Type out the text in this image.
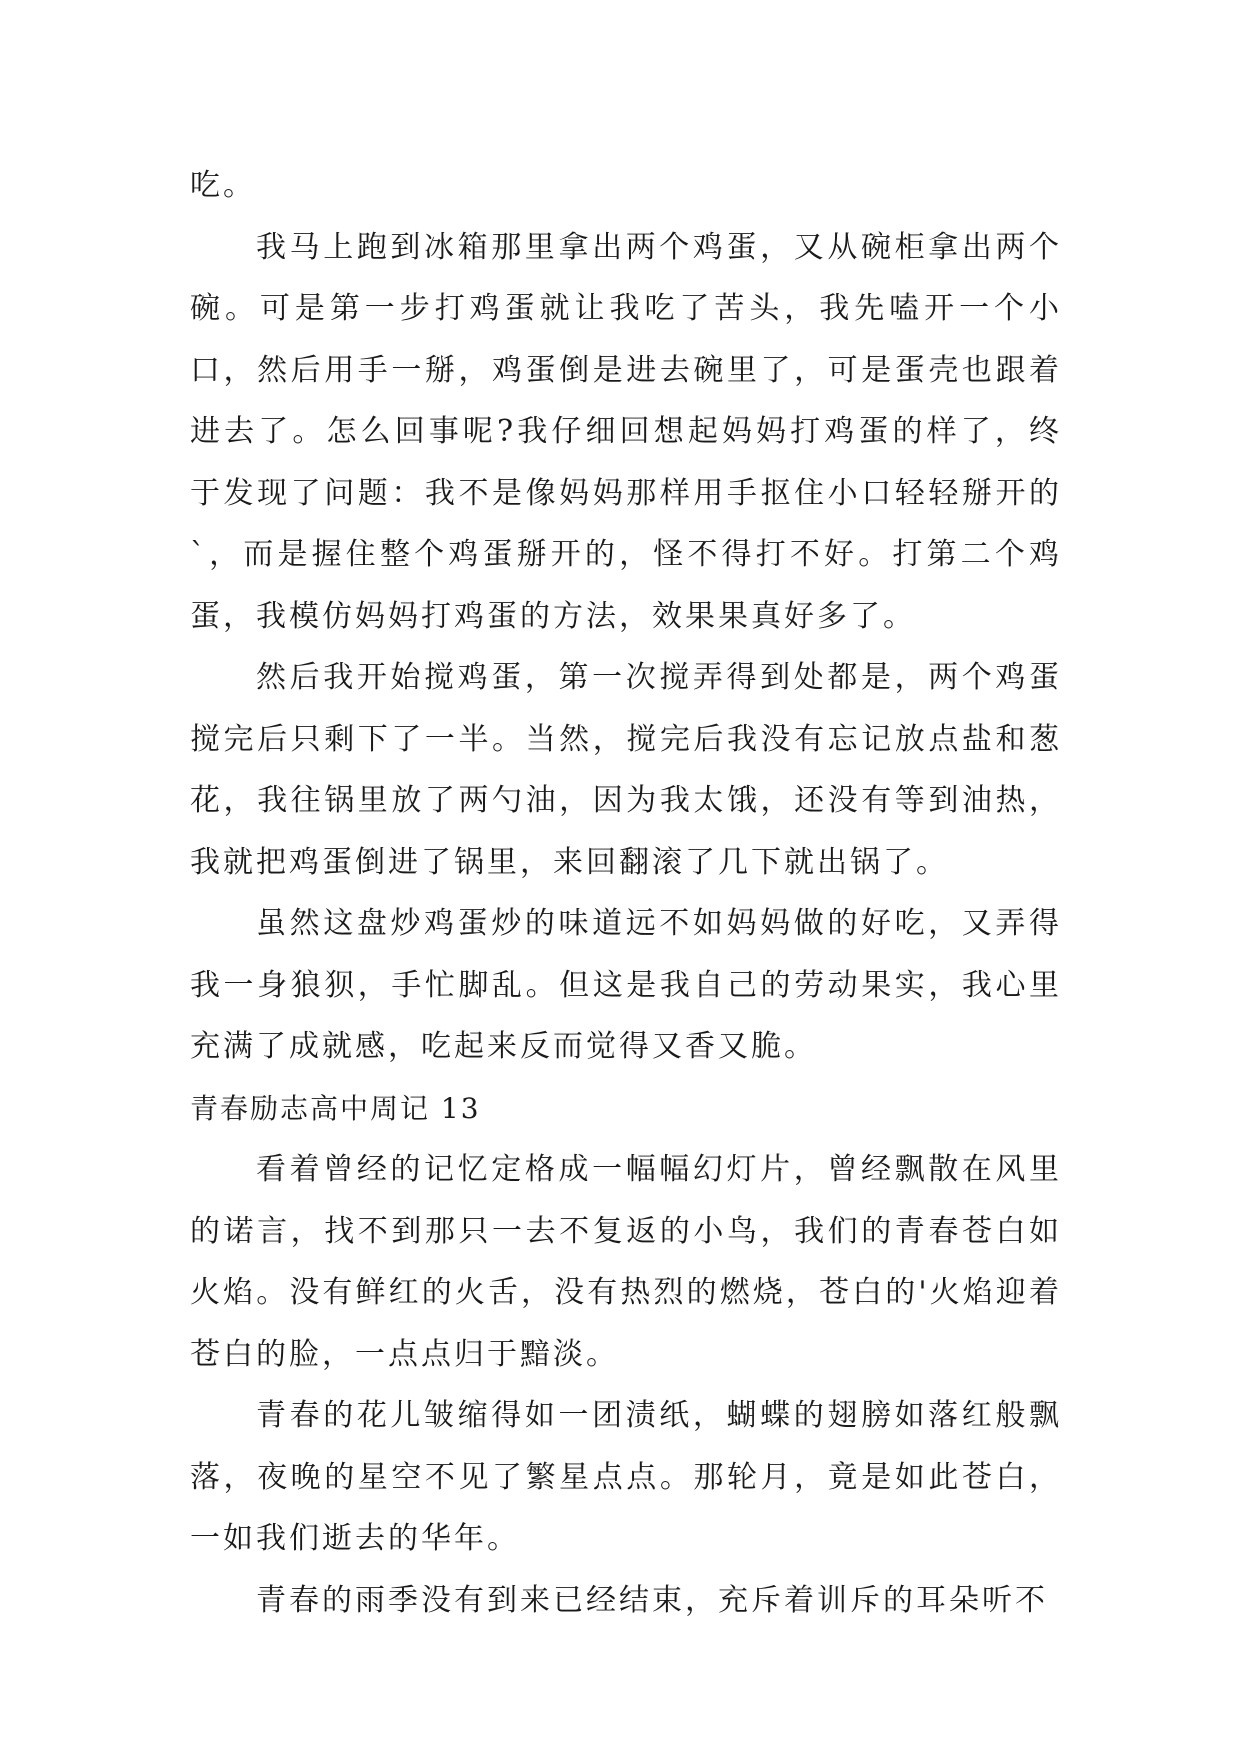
吃。

我马上跑到冰箱那里拿出两个鸡蛋，又从碗柜拿出两个碗。可是第一步打鸡蛋就让我吃了苦头，我先嗑开一个小口，然后用手一掰，鸡蛋倒是进去碗里了，可是蛋壳也跟着进去了。怎么回事呢?我仔细回想起妈妈打鸡蛋的样了，终于发现了问题：我不是像妈妈那样用手抠住小口轻轻掰开的`，而是握住整个鸡蛋掰开的，怪不得打不好。打第二个鸡蛋，我模仿妈妈打鸡蛋的方法，效果果真好多了。

然后我开始搅鸡蛋，第一次搅弄得到处都是，两个鸡蛋搅完后只剩下了一半。当然，搅完后我没有忘记放点盐和葱花，我往锅里放了两勺油，因为我太饿，还没有等到油热，我就把鸡蛋倒进了锅里，来回翻滚了几下就出锅了。

虽然这盘炒鸡蛋炒的味道远不如妈妈做的好吃，又弄得我一身狼狈，手忙脚乱。但这是我自己的劳动果实，我心里充满了成就感，吃起来反而觉得又香又脆。

青春励志高中周记 13

看着曾经的记忆定格成一幅幅幻灯片，曾经飘散在风里的诺言，找不到那只一去不复返的小鸟，我们的青春苍白如火焰。没有鲜红的火舌，没有热烈的燃烧，苍白的'火焰迎着苍白的脸，一点点归于黯淡。

青春的花儿皱缩得如一团渍纸，蝴蝶的翅膀如落红般飘落，夜晚的星空不见了繁星点点。那轮月，竟是如此苍白，一如我们逝去的华年。

青春的雨季没有到来已经结束，充斥着训斥的耳朵听不
